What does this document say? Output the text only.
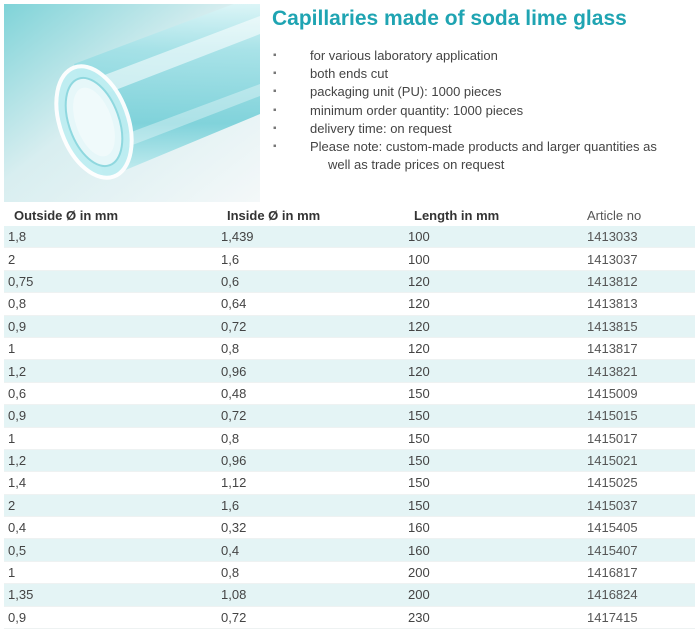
Capillaries made of soda lime glass
▪ for various laboratory application
▪ both ends cut
▪ packaging unit (PU): 1000 pieces
▪ minimum order quantity: 1000 pieces
▪ delivery time: on request
▪ Please note: custom-made products and larger quantities as
well as trade prices on request
Outside Ø in mm	Inside Ø in mm	Length in mm	Article no
1,8	1,439	100	1413033
2	1,6	100	1413037
0,75	0,6	120	1413812
0,8	0,64	120	1413813
0,9	0,72	120	1413815
1	0,8	120	1413817
1,2	0,96	120	1413821
0,6	0,48	150	1415009
0,9	0,72	150	1415015
1	0,8	150	1415017
1,2	0,96	150	1415021
1,4	1,12	150	1415025
2	1,6	150	1415037
0,4	0,32	160	1415405
0,5	0,4	160	1415407
1	0,8	200	1416817
1,35	1,08	200	1416824
0,9	0,72	230	1417415
